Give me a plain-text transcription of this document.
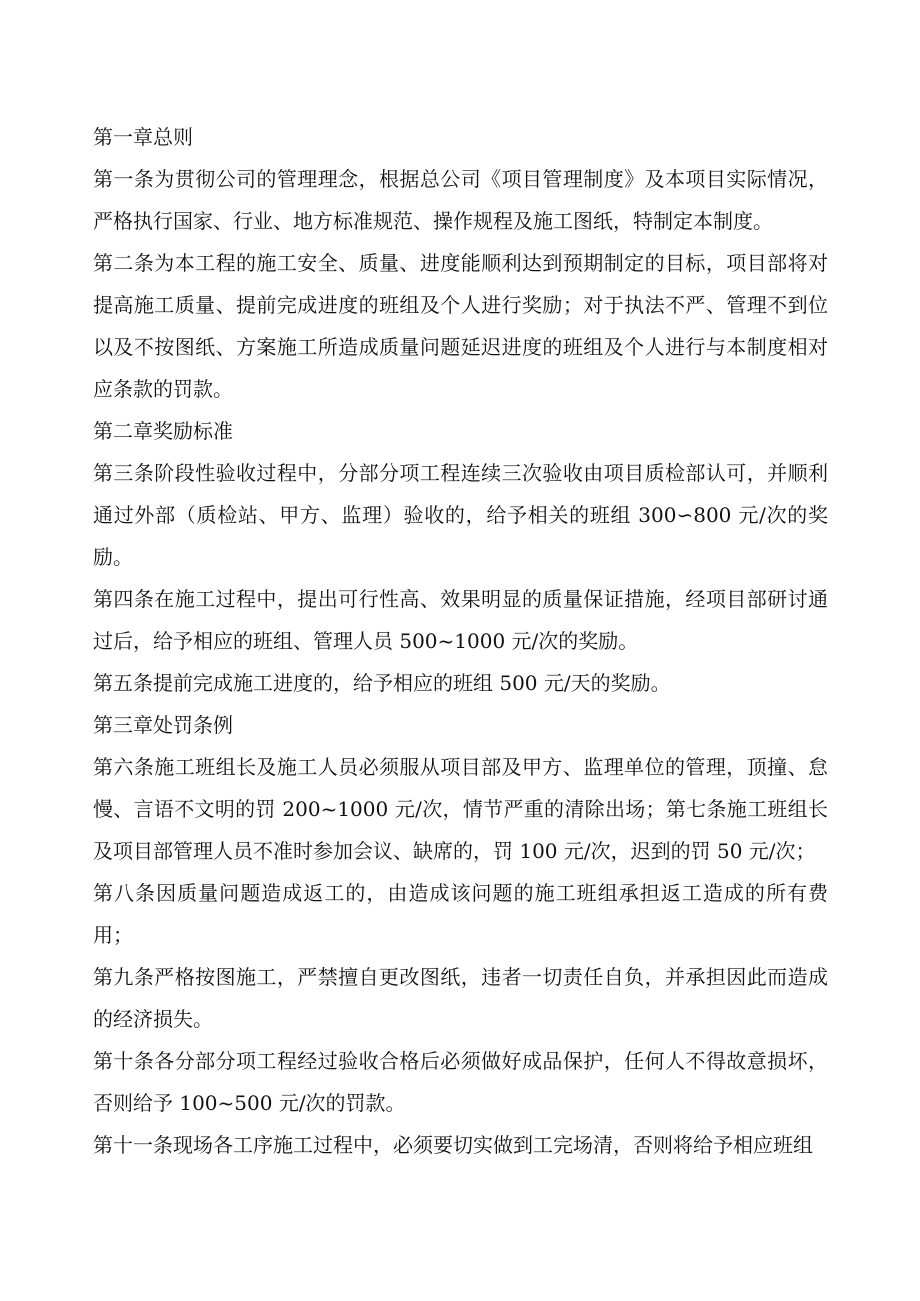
第一章总则

第一条为贯彻公司的管理理念，根据总公司《项目管理制度》及本项目实际情况，严格执行国家、行业、地方标准规范、操作规程及施工图纸，特制定本制度。

第二条为本工程的施工安全、质量、进度能顺利达到预期制定的目标，项目部将对提高施工质量、提前完成进度的班组及个人进行奖励；对于执法不严、管理不到位以及不按图纸、方案施工所造成质量问题延迟进度的班组及个人进行与本制度相对应条款的罚款。

第二章奖励标准

第三条阶段性验收过程中，分部分项工程连续三次验收由项目质检部认可，并顺利通过外部（质检站、甲方、监理）验收的，给予相关的班组 300∽800 元/次的奖励。

第四条在施工过程中，提出可行性高、效果明显的质量保证措施，经项目部研讨通过后，给予相应的班组、管理人员 500~1000 元/次的奖励。

第五条提前完成施工进度的，给予相应的班组 500 元/天的奖励。

第三章处罚条例

第六条施工班组长及施工人员必须服从项目部及甲方、监理单位的管理，顶撞、怠慢、言语不文明的罚 200~1000 元/次，情节严重的清除出场；第七条施工班组长及项目部管理人员不准时参加会议、缺席的，罚 100 元/次，迟到的罚 50 元/次；

第八条因质量问题造成返工的，由造成该问题的施工班组承担返工造成的所有费用；

第九条严格按图施工，严禁擅自更改图纸，违者一切责任自负，并承担因此而造成的经济损失。

第十条各分部分项工程经过验收合格后必须做好成品保护，任何人不得故意损坏，否则给予 100~500 元/次的罚款。

第十一条现场各工序施工过程中，必须要切实做到工完场清，否则将给予相应班组
